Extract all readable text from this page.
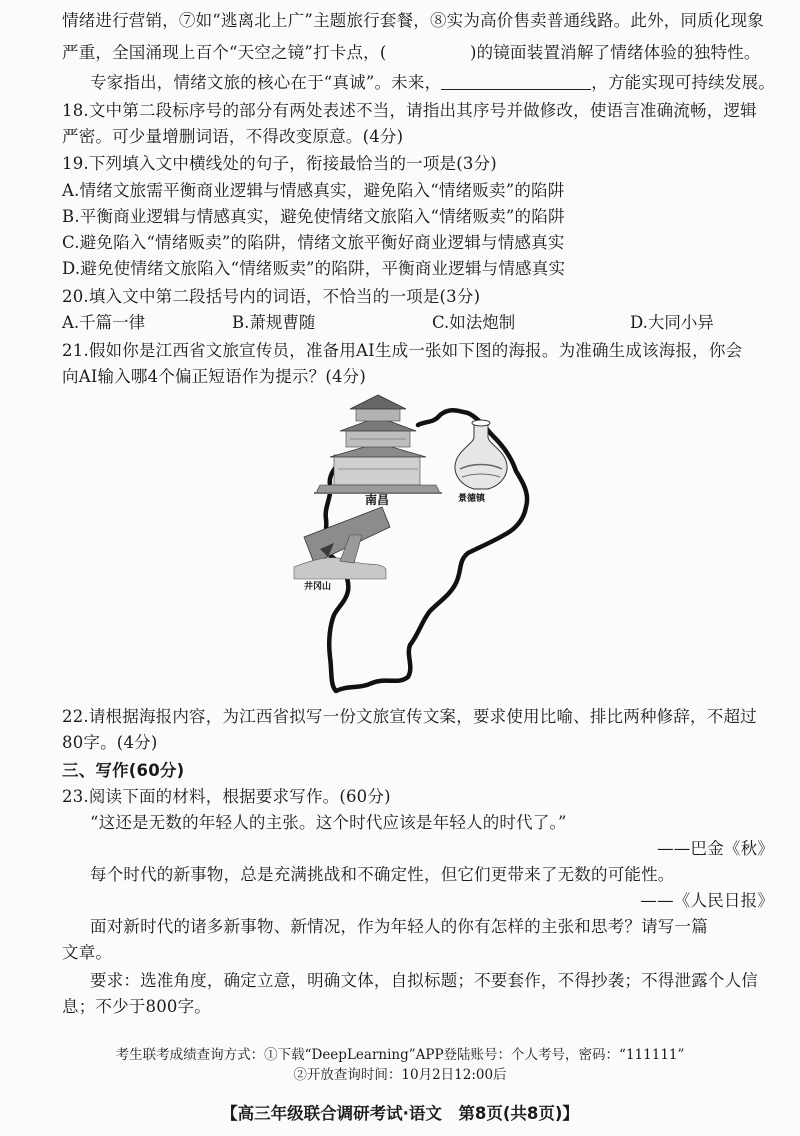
情绪进行营销，⑦如“逃离北上广”主题旅行套餐，⑧实为高价售卖普通线路。此外，同质化现象
严重，全国涌现上百个“天空之镜”打卡点，(　　　　　)的镜面装置消解了情绪体验的独特性。
专家指出，情绪文旅的核心在于“真诚”。未来，	，方能实现可持续发展。
18.文中第二段标序号的部分有两处表述不当，请指出其序号并做修改，使语言准确流畅，逻辑
严密。可少量增删词语，不得改变原意。(4分)
19.下列填入文中横线处的句子，衔接最恰当的一项是(3分)
A.情绪文旅需平衡商业逻辑与情感真实，避免陷入“情绪贩卖”的陷阱
B.平衡商业逻辑与情感真实，避免使情绪文旅陷入“情绪贩卖”的陷阱
C.避免陷入“情绪贩卖”的陷阱，情绪文旅平衡好商业逻辑与情感真实
D.避免使情绪文旅陷入“情绪贩卖”的陷阱，平衡商业逻辑与情感真实
20.填入文中第二段括号内的词语，不恰当的一项是(3分)
A.千篇一律	B.萧规曹随	C.如法炮制	D.大同小异
21.假如你是江西省文旅宣传员，准备用AI生成一张如下图的海报。为准确生成该海报，你会
向AI输入哪4个偏正短语作为提示？(4分)
南昌	景德镇
井冈山
22.请根据海报内容，为江西省拟写一份文旅宣传文案，要求使用比喻、排比两种修辞，不超过
80字。(4分)
三、写作(60分)
23.阅读下面的材料，根据要求写作。(60分)
“这还是无数的年轻人的主张。这个时代应该是年轻人的时代了。”
——巴金《秋》
每个时代的新事物，总是充满挑战和不确定性，但它们更带来了无数的可能性。
——《人民日报》
面对新时代的诸多新事物、新情况，作为年轻人的你有怎样的主张和思考？请写一篇
文章。
要求：选准角度，确定立意，明确文体，自拟标题；不要套作，不得抄袭；不得泄露个人信
息；不少于800字。
考生联考成绩查询方式：①下载“DeepLearning”APP登陆账号：个人考号，密码：“111111”
②开放查询时间：10月2日12:00后
【高三年级联合调研考试·语文　第8页(共8页)】
